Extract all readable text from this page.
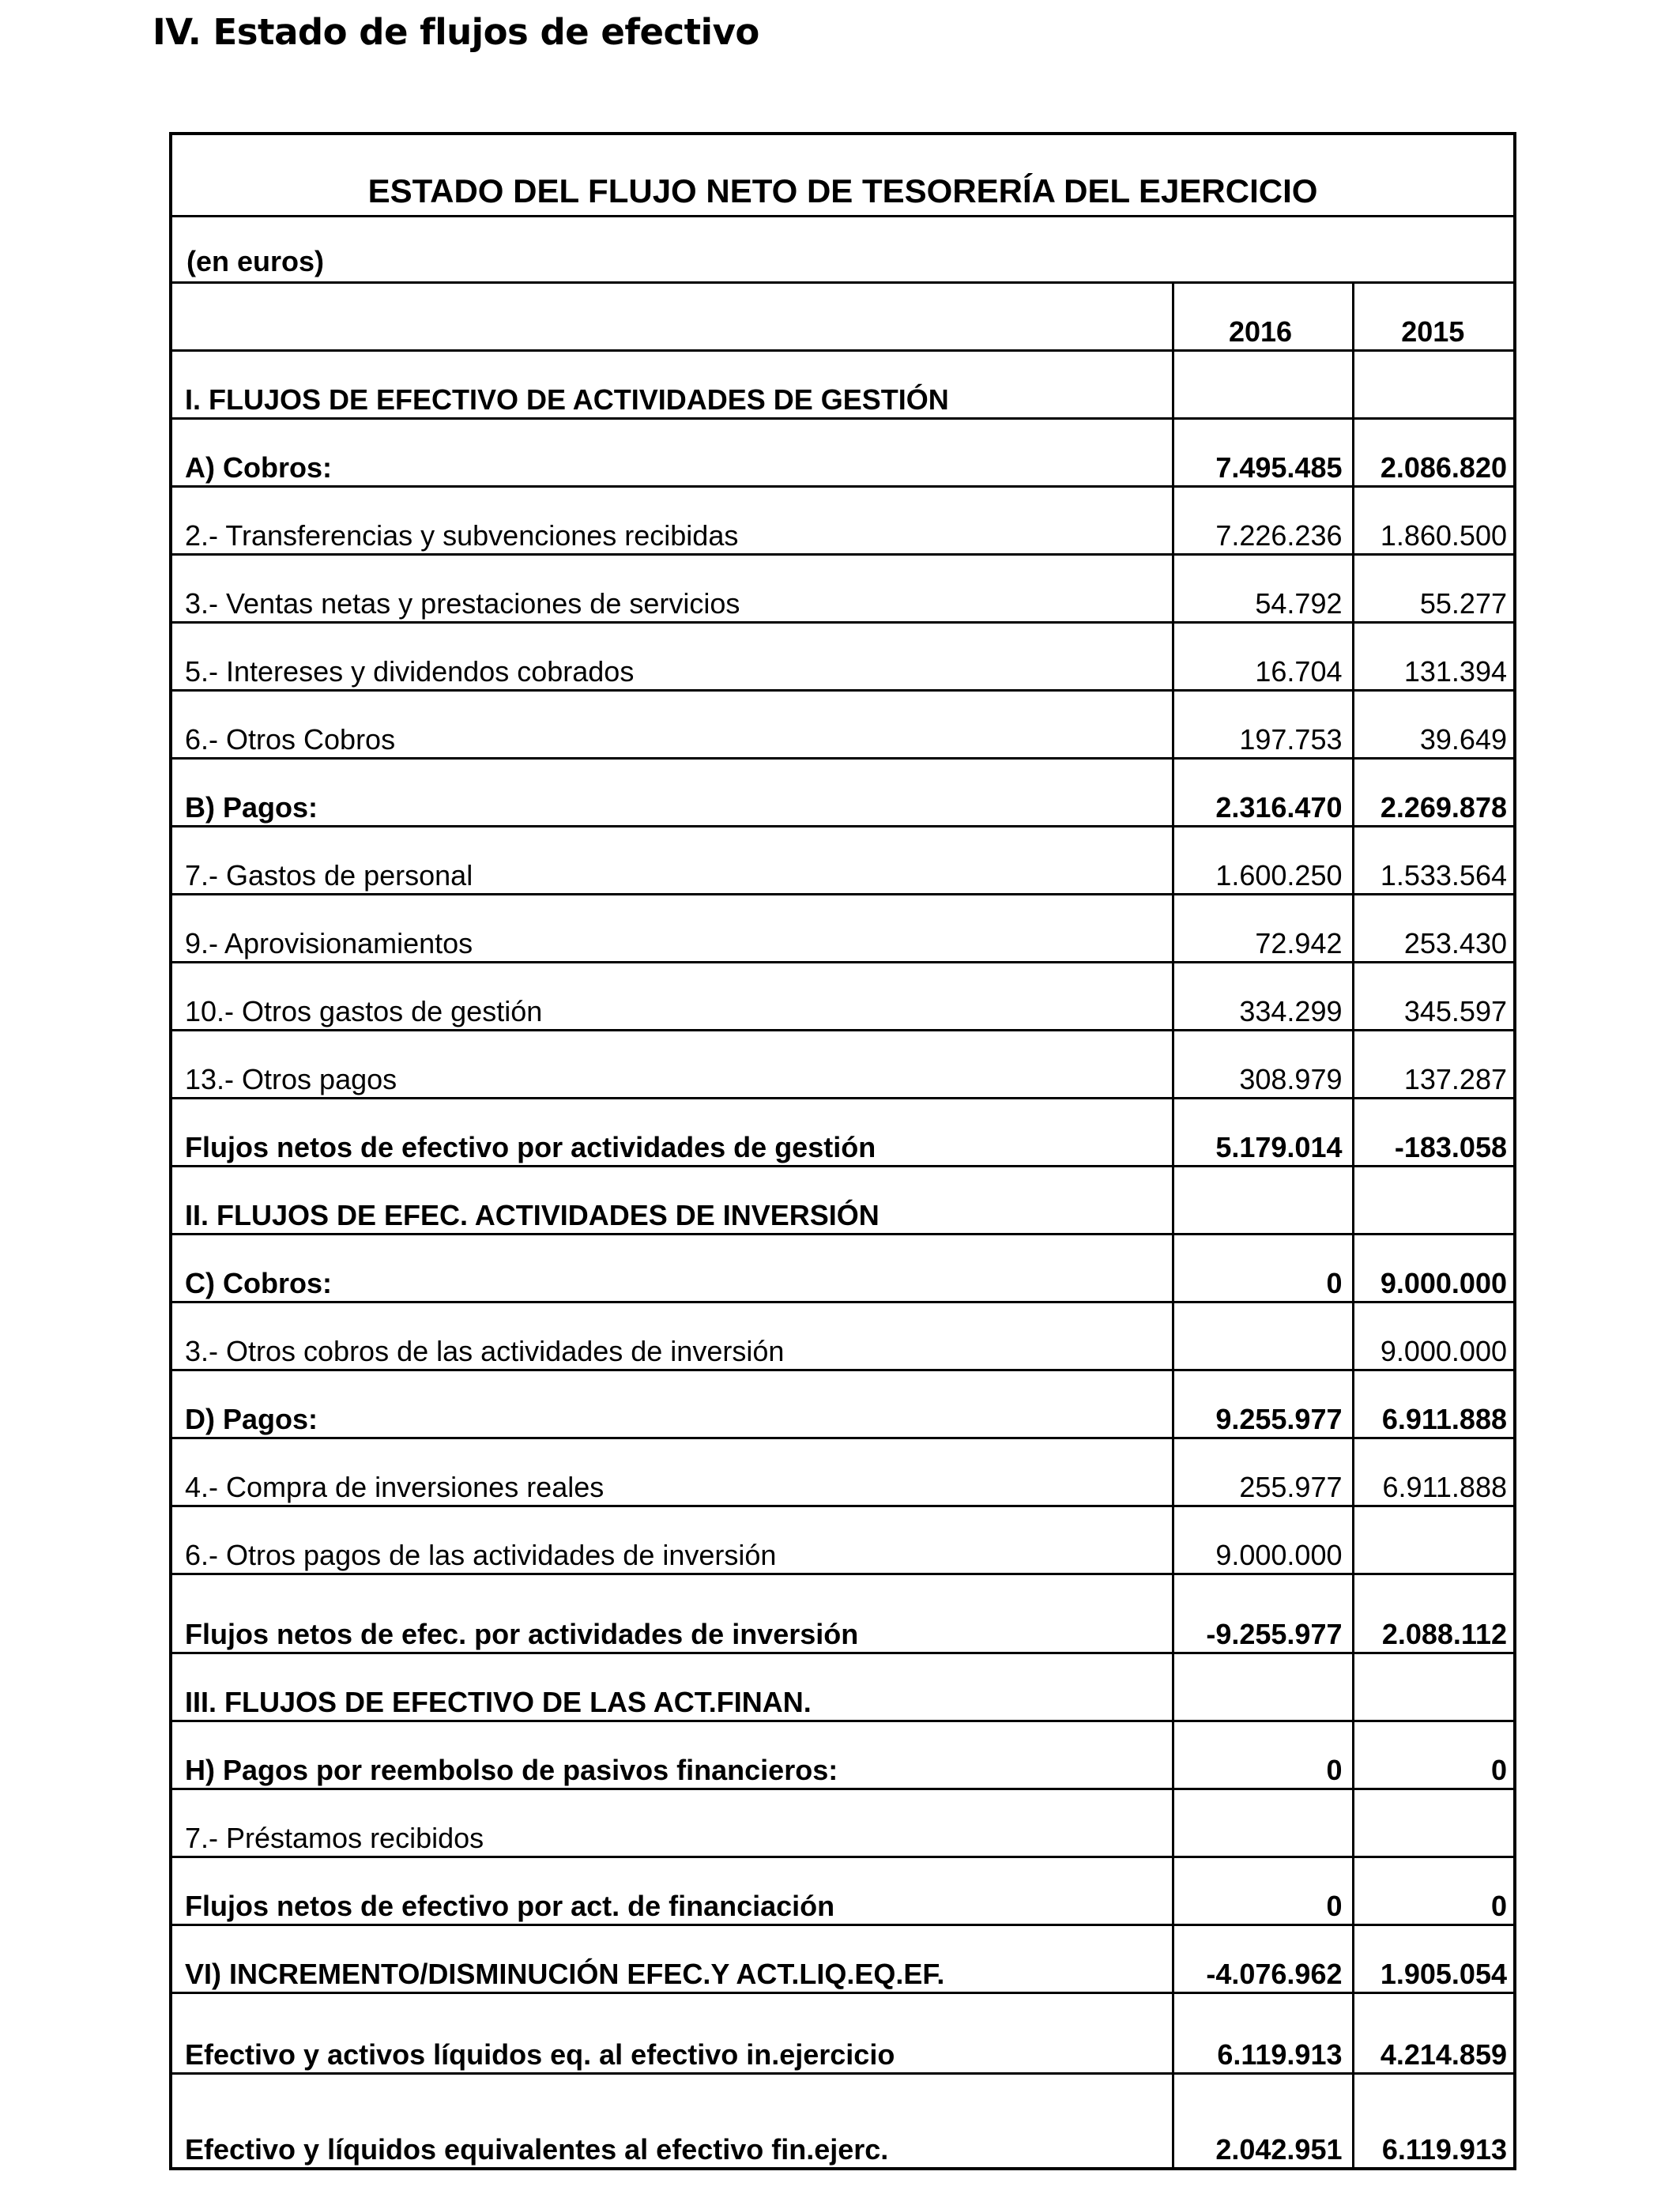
IV. Estado de flujos de efectivo
ESTADO DEL FLUJO NETO DE TESORERÍA DEL EJERCICIO
(en euros)
	2016	2015
I. FLUJOS DE EFECTIVO DE ACTIVIDADES DE GESTIÓN		
A) Cobros:	7.495.485	2.086.820
2.- Transferencias y subvenciones recibidas	7.226.236	1.860.500
3.- Ventas netas y prestaciones de servicios	54.792	55.277
5.- Intereses y dividendos cobrados	16.704	131.394
6.- Otros Cobros	197.753	39.649
B) Pagos:	2.316.470	2.269.878
7.- Gastos de personal	1.600.250	1.533.564
9.- Aprovisionamientos	72.942	253.430
10.- Otros gastos de gestión	334.299	345.597
13.- Otros pagos	308.979	137.287
Flujos netos de efectivo por actividades de gestión	5.179.014	-183.058
II. FLUJOS DE EFEC. ACTIVIDADES DE INVERSIÓN		
C) Cobros:	0	9.000.000
3.- Otros cobros de las actividades de inversión		9.000.000
D) Pagos:	9.255.977	6.911.888
4.- Compra de inversiones reales	255.977	6.911.888
6.- Otros pagos de las actividades de inversión	9.000.000	
Flujos netos de efec. por actividades de inversión	-9.255.977	2.088.112
III. FLUJOS DE EFECTIVO DE LAS ACT.FINAN.		
H) Pagos por reembolso de pasivos financieros:	0	0
7.- Préstamos recibidos		
Flujos netos de efectivo por act. de financiación	0	0
VI) INCREMENTO/DISMINUCIÓN EFEC.Y ACT.LIQ.EQ.EF.	-4.076.962	1.905.054
Efectivo y activos líquidos eq. al efectivo in.ejercicio	6.119.913	4.214.859
Efectivo y líquidos equivalentes al efectivo fin.ejerc.	2.042.951	6.119.913
